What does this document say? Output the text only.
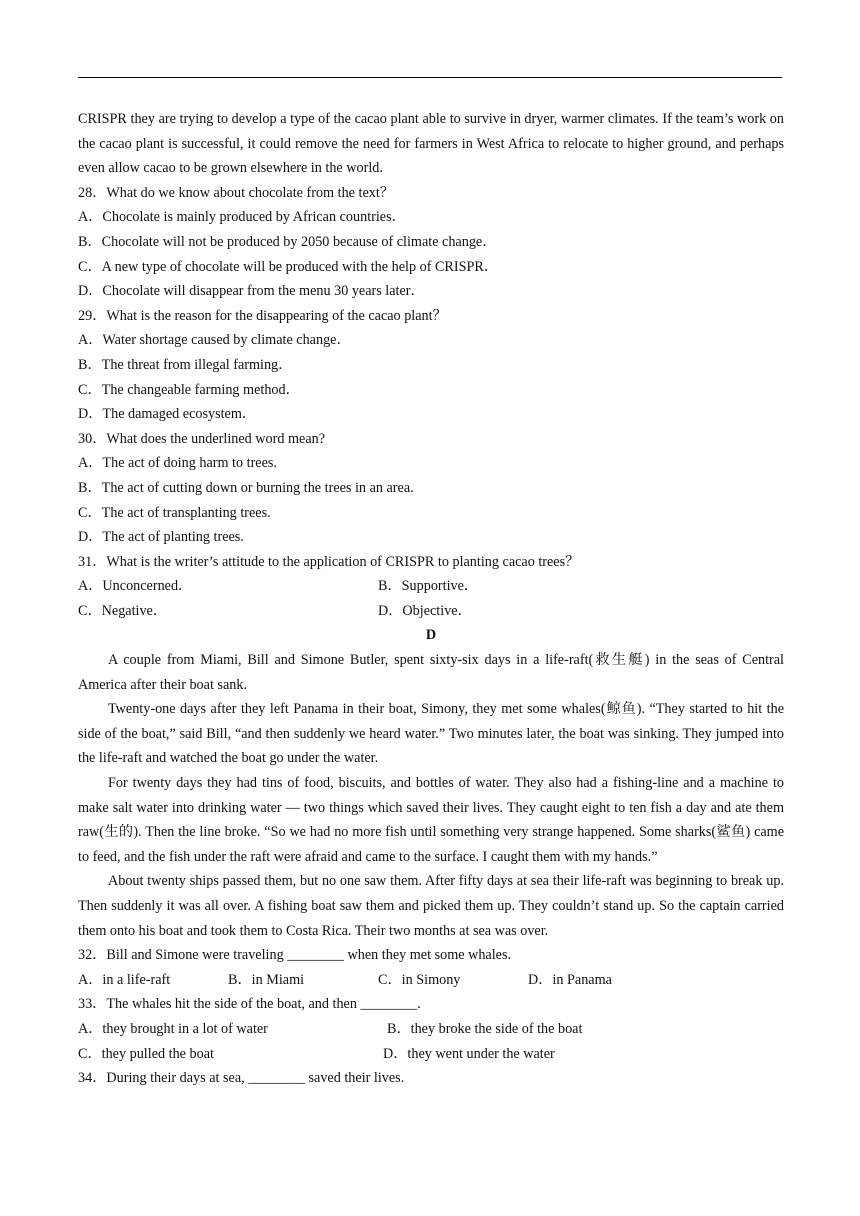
CRISPR they are trying to develop a type of the cacao plant able to survive in dryer, warmer climates. If the team’s work on the cacao plant is successful, it could remove the need for farmers in West Africa to relocate to higher ground, and perhaps even allow cacao to be grown elsewhere in the world.

28．What do we know about chocolate from the text？
A．Chocolate is mainly produced by African countries．
B．Chocolate will not be produced by 2050 because of climate change．
C．A new type of chocolate will be produced with the help of CRISPR．
D．Chocolate will disappear from the menu 30 years later．
29．What is the reason for the disappearing of the cacao plant？
A．Water shortage caused by climate change．
B．The threat from illegal farming．
C．The changeable farming method．
D．The damaged ecosystem．
30．What does the underlined word mean?
A．The act of doing harm to trees.
B．The act of cutting down or burning the trees in an area.
C．The act of transplanting trees.
D．The act of planting trees.
31．What is the writer’s attitude to the application of CRISPR to planting cacao trees？
A．Unconcerned．	B．Supportive．
C．Negative．	D．Objective．
D

A couple from Miami, Bill and Simone Butler, spent sixty-six days in a life-raft(救生艇) in the seas of Central America after their boat sank.

Twenty-one days after they left Panama in their boat, Simony, they met some whales(鲸鱼). “They started to hit the side of the boat,” said Bill, “and then suddenly we heard water.” Two minutes later, the boat was sinking. They jumped into the life-raft and watched the boat go under the water.

For twenty days they had tins of food, biscuits, and bottles of water. They also had a fishing-line and a machine to make salt water into drinking water — two things which saved their lives. They caught eight to ten fish a day and ate them raw(生的). Then the line broke. “So we had no more fish until something very strange happened. Some sharks(鲨鱼) came to feed, and the fish under the raft were afraid and came to the surface. I caught them with my hands.”

About twenty ships passed them, but no one saw them. After fifty days at sea their life-raft was beginning to break up. Then suddenly it was all over. A fishing boat saw them and picked them up. They couldn’t stand up. So the captain carried them onto his boat and took them to Costa Rica. Their two months at sea was over.

32．Bill and Simone were traveling ________ when they met some whales.
A．in a life-raft	B．in Miami	C．in Simony	D．in Panama
33．The whales hit the side of the boat, and then ________.
A．they brought in a lot of water	B．they broke the side of the boat
C．they pulled the boat	D．they went under the water
34．During their days at sea, ________ saved their lives.
